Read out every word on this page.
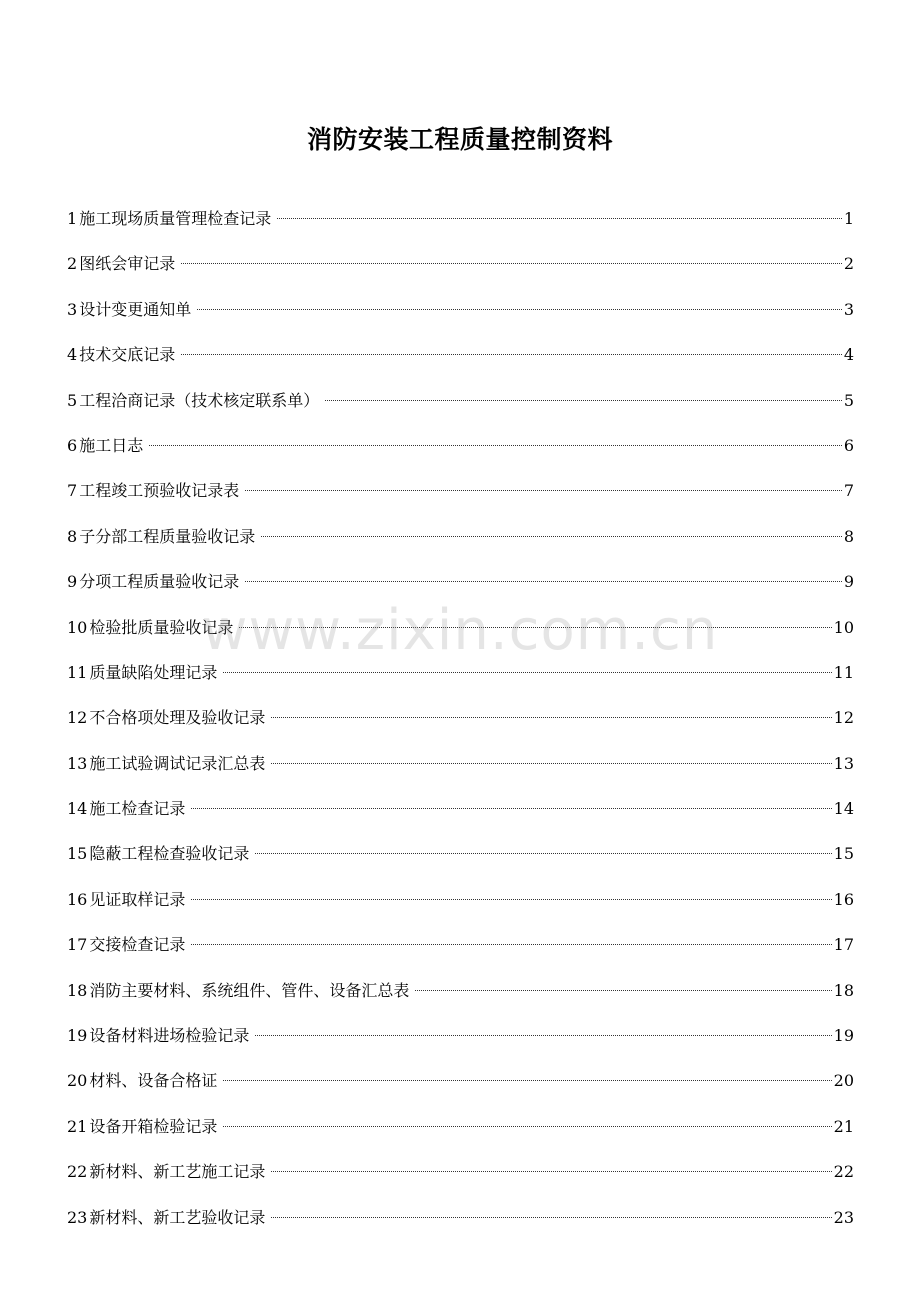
消防安装工程质量控制资料
1 施工现场质量管理检查记录	1
2 图纸会审记录	2
3 设计变更通知单	3
4 技术交底记录	4
5 工程洽商记录（技术核定联系单）	5
6 施工日志	6
7 工程竣工预验收记录表	7
8 子分部工程质量验收记录	8
9 分项工程质量验收记录	9
10 检验批质量验收记录	10
11 质量缺陷处理记录	11
12 不合格项处理及验收记录	12
13 施工试验调试记录汇总表	13
14 施工检查记录	14
15 隐蔽工程检查验收记录	15
16 见证取样记录	16
17 交接检查记录	17
18 消防主要材料、系统组件、管件、设备汇总表	18
19 设备材料进场检验记录	19
20 材料、设备合格证	20
21 设备开箱检验记录	21
22 新材料、新工艺施工记录	22
23 新材料、新工艺验收记录	23
www.zixin.com.cn
